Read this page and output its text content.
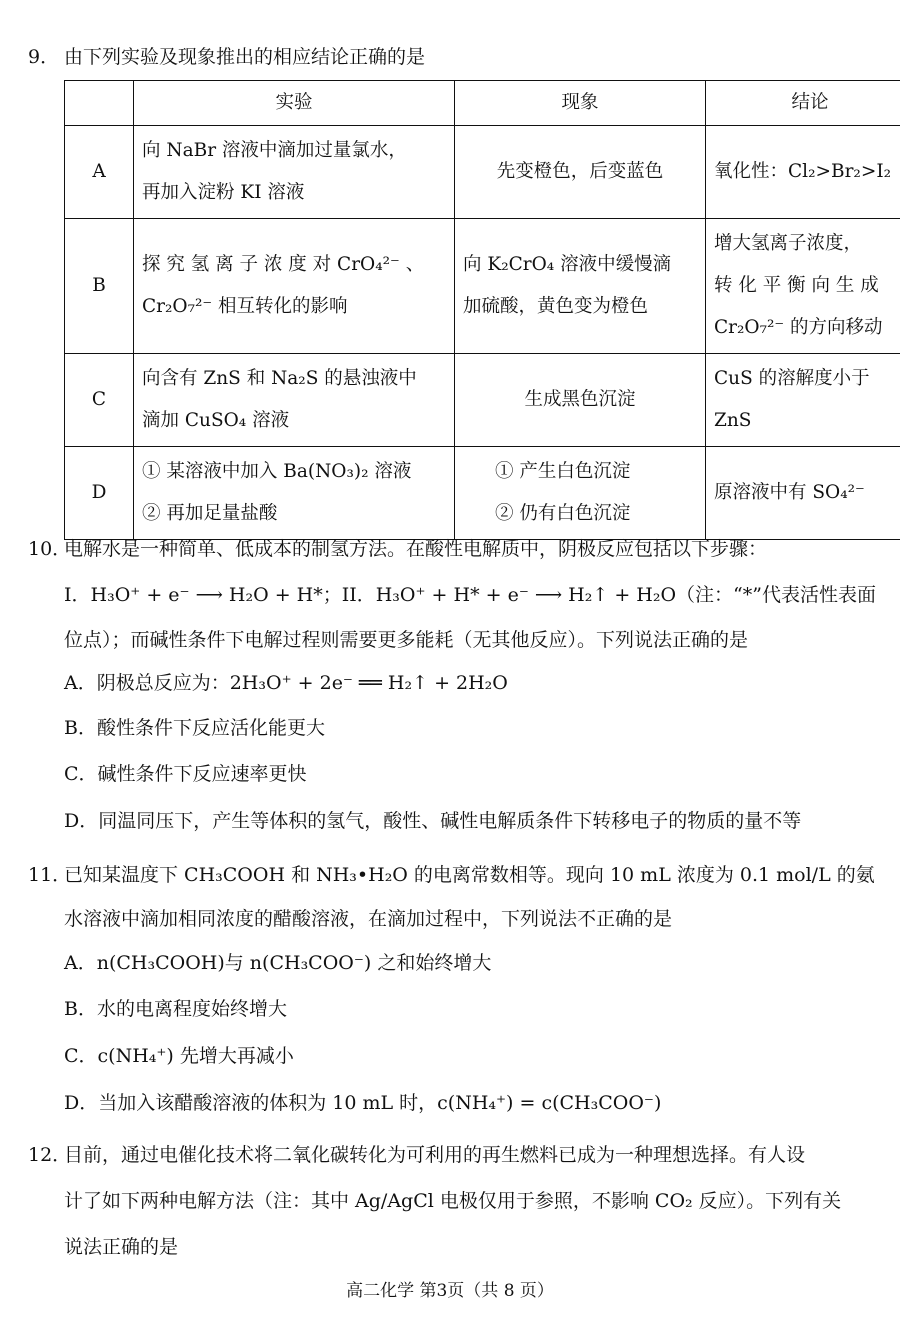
9． 由下列实验及现象推出的相应结论正确的是
	实验	现象	结论
A	向 NaBr 溶液中滴加过量氯水，
再加入淀粉 KI 溶液	先变橙色，后变蓝色	氧化性：Cl₂>Br₂>I₂

B	探 究 氢 离 子 浓 度 对 CrO₄²⁻ 、
Cr₂O₇²⁻ 相互转化的影响	向 K₂CrO₄ 溶液中缓慢滴
加硫酸，黄色变为橙色	增大氢离子浓度，
转 化 平 衡 向 生 成
Cr₂O₇²⁻ 的方向移动

C	向含有 ZnS 和 Na₂S 的悬浊液中
滴加 CuSO₄ 溶液	生成黑色沉淀	CuS 的溶解度小于
ZnS

D	① 某溶液中加入 Ba(NO₃)₂ 溶液
② 再加足量盐酸	① 产生白色沉淀
② 仍有白色沉淀	原溶液中有 SO₄²⁻
10．
电解水是一种简单、低成本的制氢方法。在酸性电解质中，阴极反应包括以下步骤：
I．H₃O⁺ + e⁻ ⟶ H₂O + H*；II．H₃O⁺ + H* + e⁻ ⟶ H₂↑ + H₂O（注：“*”代表活性表面
位点）；而碱性条件下电解过程则需要更多能耗（无其他反应）。下列说法正确的是
A．阴极总反应为：2H₃O⁺ + 2e⁻ ══ H₂↑ + 2H₂O
B．酸性条件下反应活化能更大
C．碱性条件下反应速率更快
D．同温同压下，产生等体积的氢气，酸性、碱性电解质条件下转移电子的物质的量不等
11．
已知某温度下 CH₃COOH 和 NH₃•H₂O 的电离常数相等。现向 10 mL 浓度为 0.1 mol/L 的氨
水溶液中滴加相同浓度的醋酸溶液，在滴加过程中，下列说法不正确的是
A．n(CH₃COOH)与 n(CH₃COO⁻) 之和始终增大
B．水的电离程度始终增大
C．c(NH₄⁺) 先增大再减小
D．当加入该醋酸溶液的体积为 10 mL 时，c(NH₄⁺) = c(CH₃COO⁻)
12．
目前，通过电催化技术将二氧化碳转化为可利用的再生燃料已成为一种理想选择。有人设
计了如下两种电解方法（注：其中 Ag/AgCl 电极仅用于参照，不影响 CO₂ 反应）。下列有关
说法正确的是
高二化学 第3页（共 8 页）
